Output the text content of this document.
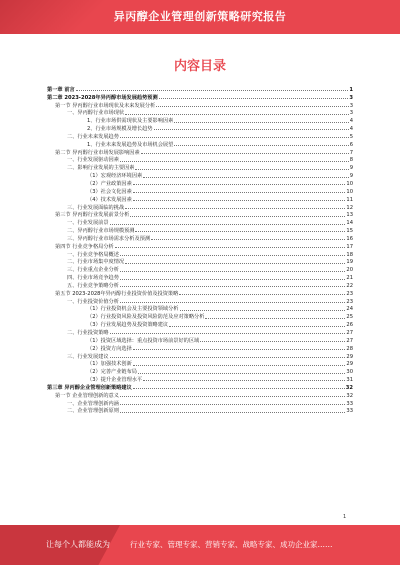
异丙醇企业管理创新策略研究报告
内容目录
第一章 前言	1
第二章 2023-2028年异丙醇市场发展趋势预测	3
第一节 异丙醇行业市场现状及未来发展分析	3
一、异丙醇行业市场现状	3
1、行业市场供需现状及主要影响因素	4
2、行业市场规模及增长趋势	4
二、行业未来发展趋势	5
1、行业未来发展趋势及市场机会展望	6
第二节 异丙醇行业市场发展影响因素	7
一、行业发展驱动因素	8
二、影响行业发展的主要因素	9
（1）宏观经济环境因素	9
（2）产业政策因素	10
（3）社会文化因素	10
（4）技术发展因素	11
三、行业发展面临的挑战	12
第三节 异丙醇行业发展前景分析	13
一、行业发展前景	14
二、异丙醇行业市场规模预测	15
三、异丙醇行业市场需求分析及预测	16
第四节 行业竞争格局分析	17
一、行业竞争格局概述	18
二、行业市场集中度情况	19
三、行业重点企业分析	20
四、行业市场竞争趋势	21
五、行业竞争策略分析	22
第五节 2023-2028年异丙醇行业投资价值及投资策略	23
一、行业投资价值分析	23
（1）行业投资机会及主要投资领域分析	24
（2）行业投资风险及投资风险防范及应对策略分析	25
（3）行业发展趋势及投资策略建议	26
二、行业投资策略	27
（1）投资区域选择：重点投资市场前景好的区域	27
（2）投资方向选择	28
三、行业发展建议	29
（1）加强技术创新	29
（2）完善产业链布局	30
（3）提升企业管理水平	31
第三章 异丙醇企业管理创新策略建议	32
第一节 企业管理创新的意义	32
一、企业管理创新内涵	33
二、企业管理创新原则	33
1
让每个人都能成为	行业专家、管理专家、营销专家、战略专家、成功企业家……
